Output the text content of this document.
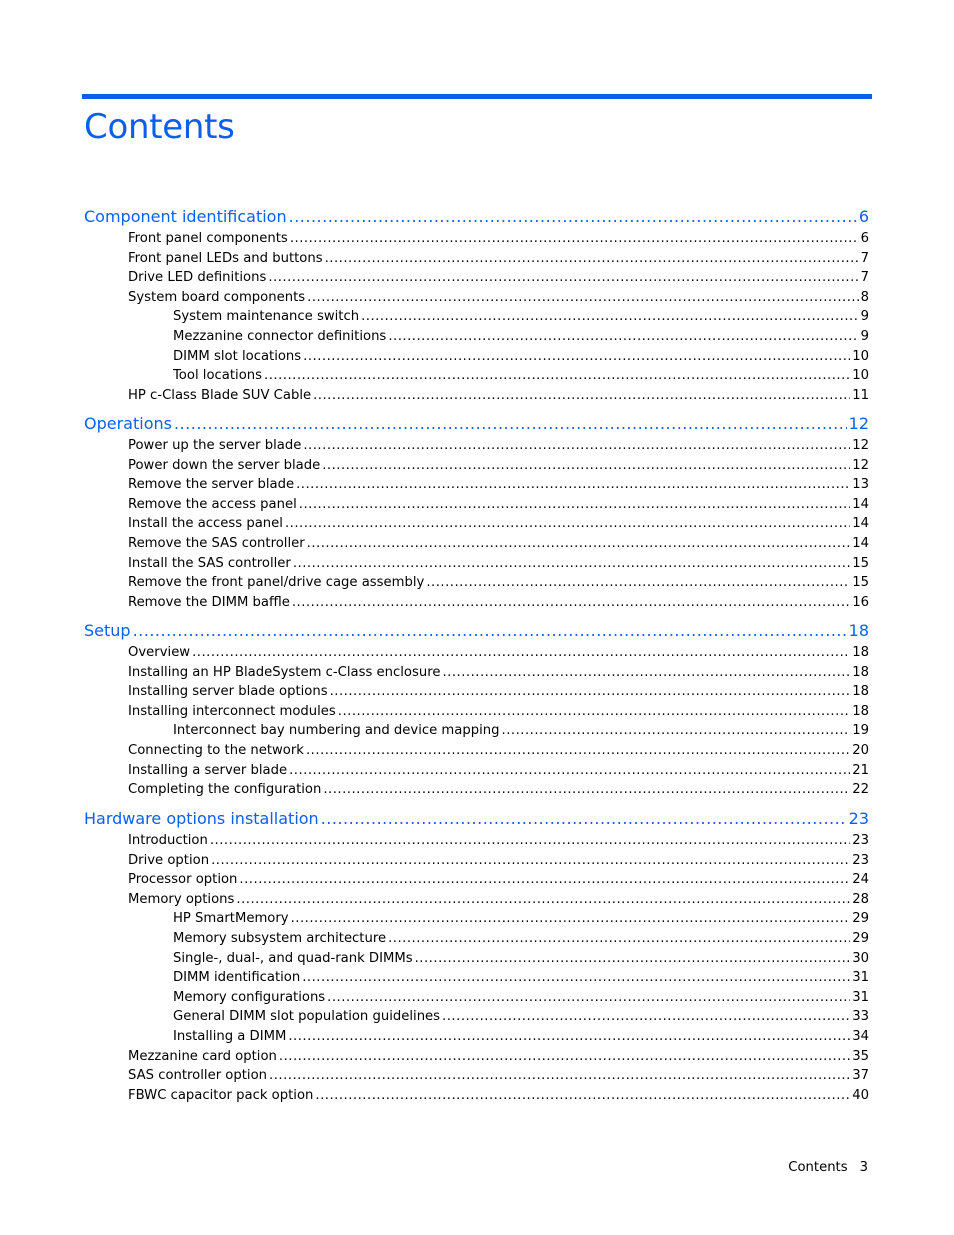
Contents
Component identification .....	6
Front panel components .....	6
Front panel LEDs and buttons .....	7
Drive LED definitions .....	7
System board components .....	8
System maintenance switch .....	9
Mezzanine connector definitions .....	9
DIMM slot locations .....	10
Tool locations .....	10
HP c-Class Blade SUV Cable .....	11
Operations .....	12
Power up the server blade .....	12
Power down the server blade .....	12
Remove the server blade .....	13
Remove the access panel .....	14
Install the access panel .....	14
Remove the SAS controller .....	14
Install the SAS controller .....	15
Remove the front panel/drive cage assembly .....	15
Remove the DIMM baffle .....	16
Setup .....	18
Overview .....	18
Installing an HP BladeSystem c-Class enclosure .....	18
Installing server blade options .....	18
Installing interconnect modules .....	18
Interconnect bay numbering and device mapping .....	19
Connecting to the network .....	20
Installing a server blade .....	21
Completing the configuration .....	22
Hardware options installation .....	23
Introduction .....	23
Drive option .....	23
Processor option .....	24
Memory options .....	28
HP SmartMemory .....	29
Memory subsystem architecture .....	29
Single-, dual-, and quad-rank DIMMs .....	30
DIMM identification .....	31
Memory configurations .....	31
General DIMM slot population guidelines .....	33
Installing a DIMM .....	34
Mezzanine card option .....	35
SAS controller option .....	37
FBWC capacitor pack option .....	40
Contents 3
